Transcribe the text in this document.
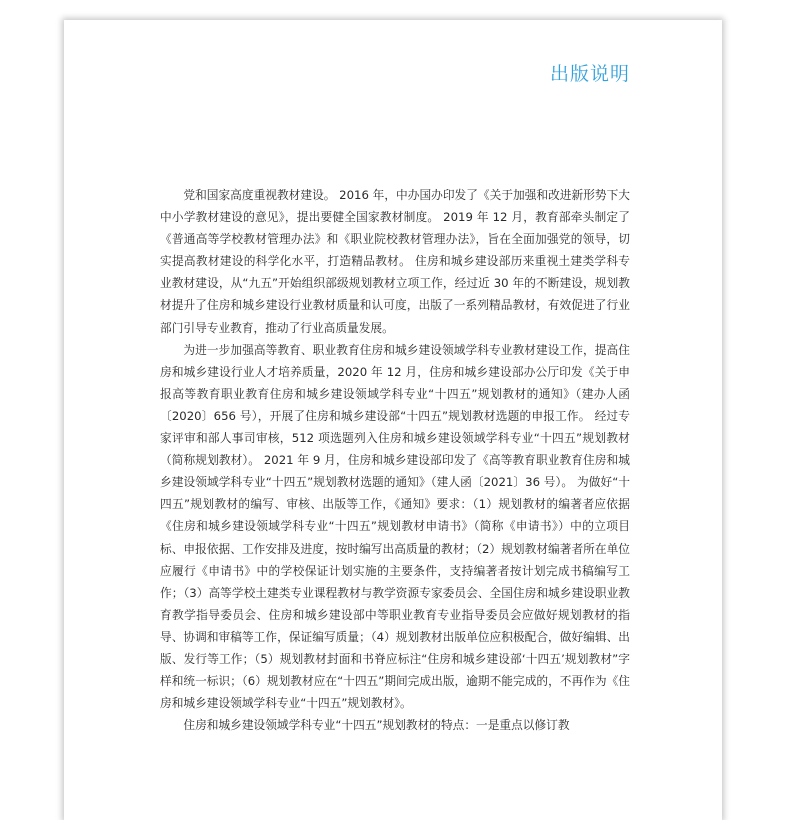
出版说明

党和国家高度重视教材建设。 2016 年，中办国办印发了《关于加强和改进新形势下大中小学教材建设的意见》，提出要健全国家教材制度。 2019 年 12 月，教育部牵头制定了《普通高等学校教材管理办法》和《职业院校教材管理办法》，旨在全面加强党的领导，切实提高教材建设的科学化水平，打造精品教材。 住房和城乡建设部历来重视土建类学科专业教材建设，从“九五”开始组织部级规划教材立项工作，经过近 30 年的不断建设，规划教材提升了住房和城乡建设行业教材质量和认可度，出版了一系列精品教材，有效促进了行业部门引导专业教育，推动了行业高质量发展。

为进一步加强高等教育、职业教育住房和城乡建设领域学科专业教材建设工作，提高住房和城乡建设行业人才培养质量，2020 年 12 月，住房和城乡建设部办公厅印发《关于申报高等教育职业教育住房和城乡建设领域学科专业“十四五”规划教材的通知》（建办人函〔2020〕656 号），开展了住房和城乡建设部“十四五”规划教材选题的申报工作。 经过专家评审和部人事司审核，512 项选题列入住房和城乡建设领域学科专业“十四五”规划教材（简称规划教材）。 2021 年 9 月，住房和城乡建设部印发了《高等教育职业教育住房和城乡建设领域学科专业“十四五”规划教材选题的通知》（建人函〔2021〕36 号）。 为做好“十四五”规划教材的编写、审核、出版等工作，《通知》要求：（1）规划教材的编著者应依据《住房和城乡建设领域学科专业“十四五”规划教材申请书》（简称《申请书》）中的立项目标、申报依据、工作安排及进度，按时编写出高质量的教材；（2）规划教材编著者所在单位应履行《申请书》中的学校保证计划实施的主要条件，支持编著者按计划完成书稿编写工作；（3）高等学校土建类专业课程教材与教学资源专家委员会、全国住房和城乡建设职业教育教学指导委员会、住房和城乡建设部中等职业教育专业指导委员会应做好规划教材的指导、协调和审稿等工作，保证编写质量；（4）规划教材出版单位应积极配合，做好编辑、出版、发行等工作；（5）规划教材封面和书脊应标注“住房和城乡建设部‘十四五’规划教材”字样和统一标识；（6）规划教材应在“十四五”期间完成出版，逾期不能完成的，不再作为《住房和城乡建设领域学科专业“十四五”规划教材》。

住房和城乡建设领域学科专业“十四五”规划教材的特点：一是重点以修订教
